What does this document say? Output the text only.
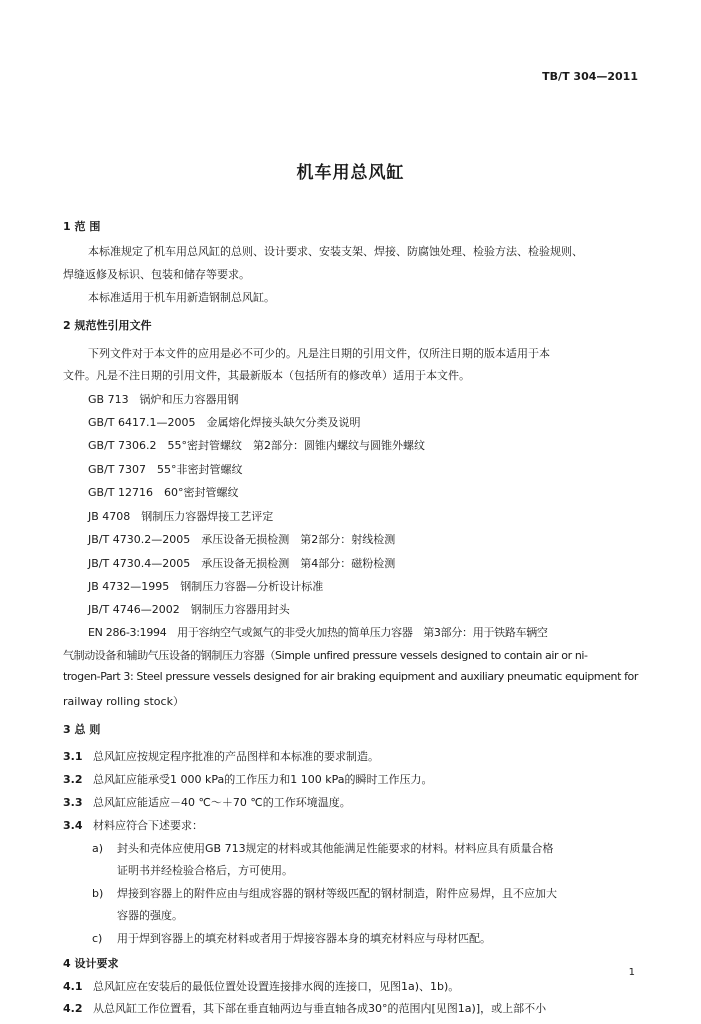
TB/T 304—2011
机车用总风缸
1 范 围
本标准规定了机车用总风缸的总则、设计要求、安装支架、焊接、防腐蚀处理、检验方法、检验规则、
焊缝返修及标识、包装和储存等要求。
本标准适用于机车用新造钢制总风缸。
2 规范性引用文件
下列文件对于本文件的应用是必不可少的。凡是注日期的引用文件，仅所注日期的版本适用于本
文件。凡是不注日期的引用文件，其最新版本（包括所有的修改单）适用于本文件。
GB 713　锅炉和压力容器用钢
GB/T 6417.1—2005　金属熔化焊接头缺欠分类及说明
GB/T 7306.2　55°密封管螺纹　第2部分：圆锥内螺纹与圆锥外螺纹
GB/T 7307　55°非密封管螺纹
GB/T 12716　60°密封管螺纹
JB 4708　钢制压力容器焊接工艺评定
JB/T 4730.2—2005　承压设备无损检测　第2部分：射线检测
JB/T 4730.4—2005　承压设备无损检测　第4部分：磁粉检测
JB 4732—1995　钢制压力容器—分析设计标准
JB/T 4746—2002　钢制压力容器用封头
EN 286-3:1994　用于容纳空气或氮气的非受火加热的简单压力容器　第3部分：用于铁路车辆空
气制动设备和辅助气压设备的钢制压力容器（Simple unfired pressure vessels designed to contain air or ni-
trogen-Part 3: Steel pressure vessels designed for air braking equipment and auxiliary pneumatic equipment for
railway rolling stock）
3 总 则
3.1 总风缸应按规定程序批准的产品图样和本标准的要求制造。
3.2 总风缸应能承受1 000 kPa的工作压力和1 100 kPa的瞬时工作压力。
3.3 总风缸应能适应－40 ℃～＋70 ℃的工作环境温度。
3.4 材料应符合下述要求：
a) 封头和壳体应使用GB 713规定的材料或其他能满足性能要求的材料。材料应具有质量合格
证明书并经检验合格后，方可使用。
b) 焊接到容器上的附件应由与组成容器的钢材等级匹配的钢材制造，附件应易焊，且不应加大
容器的强度。
c) 用于焊到容器上的填充材料或者用于焊接容器本身的填充材料应与母材匹配。
1
4 设计要求
4.1 总风缸应在安装后的最低位置处设置连接排水阀的连接口，见图1a)、1b)。
4.2 从总风缸工作位置看，其下部在垂直轴两边与垂直轴各成30°的范围内[见图1a)]，或上部不小
